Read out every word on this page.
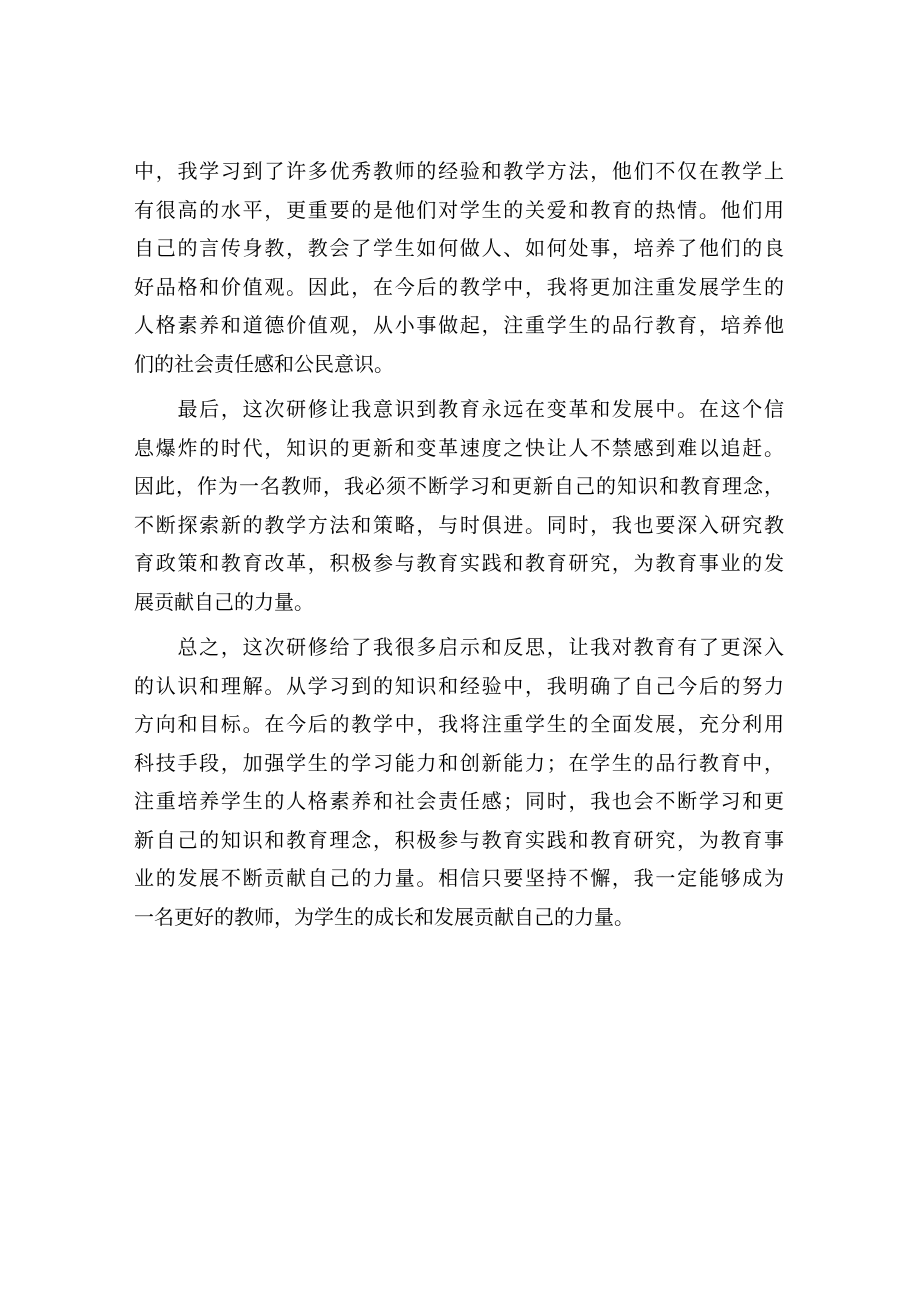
中，我学习到了许多优秀教师的经验和教学方法，他们不仅在教学上
有很高的水平，更重要的是他们对学生的关爱和教育的热情。他们用
自己的言传身教，教会了学生如何做人、如何处事，培养了他们的良
好品格和价值观。因此，在今后的教学中，我将更加注重发展学生的
人格素养和道德价值观，从小事做起，注重学生的品行教育，培养他
们的社会责任感和公民意识。
　　最后，这次研修让我意识到教育永远在变革和发展中。在这个信
息爆炸的时代，知识的更新和变革速度之快让人不禁感到难以追赶。
因此，作为一名教师，我必须不断学习和更新自己的知识和教育理念，
不断探索新的教学方法和策略，与时俱进。同时，我也要深入研究教
育政策和教育改革，积极参与教育实践和教育研究，为教育事业的发
展贡献自己的力量。
　　总之，这次研修给了我很多启示和反思，让我对教育有了更深入
的认识和理解。从学习到的知识和经验中，我明确了自己今后的努力
方向和目标。在今后的教学中，我将注重学生的全面发展，充分利用
科技手段，加强学生的学习能力和创新能力；在学生的品行教育中，
注重培养学生的人格素养和社会责任感；同时，我也会不断学习和更
新自己的知识和教育理念，积极参与教育实践和教育研究，为教育事
业的发展不断贡献自己的力量。相信只要坚持不懈，我一定能够成为
一名更好的教师，为学生的成长和发展贡献自己的力量。
